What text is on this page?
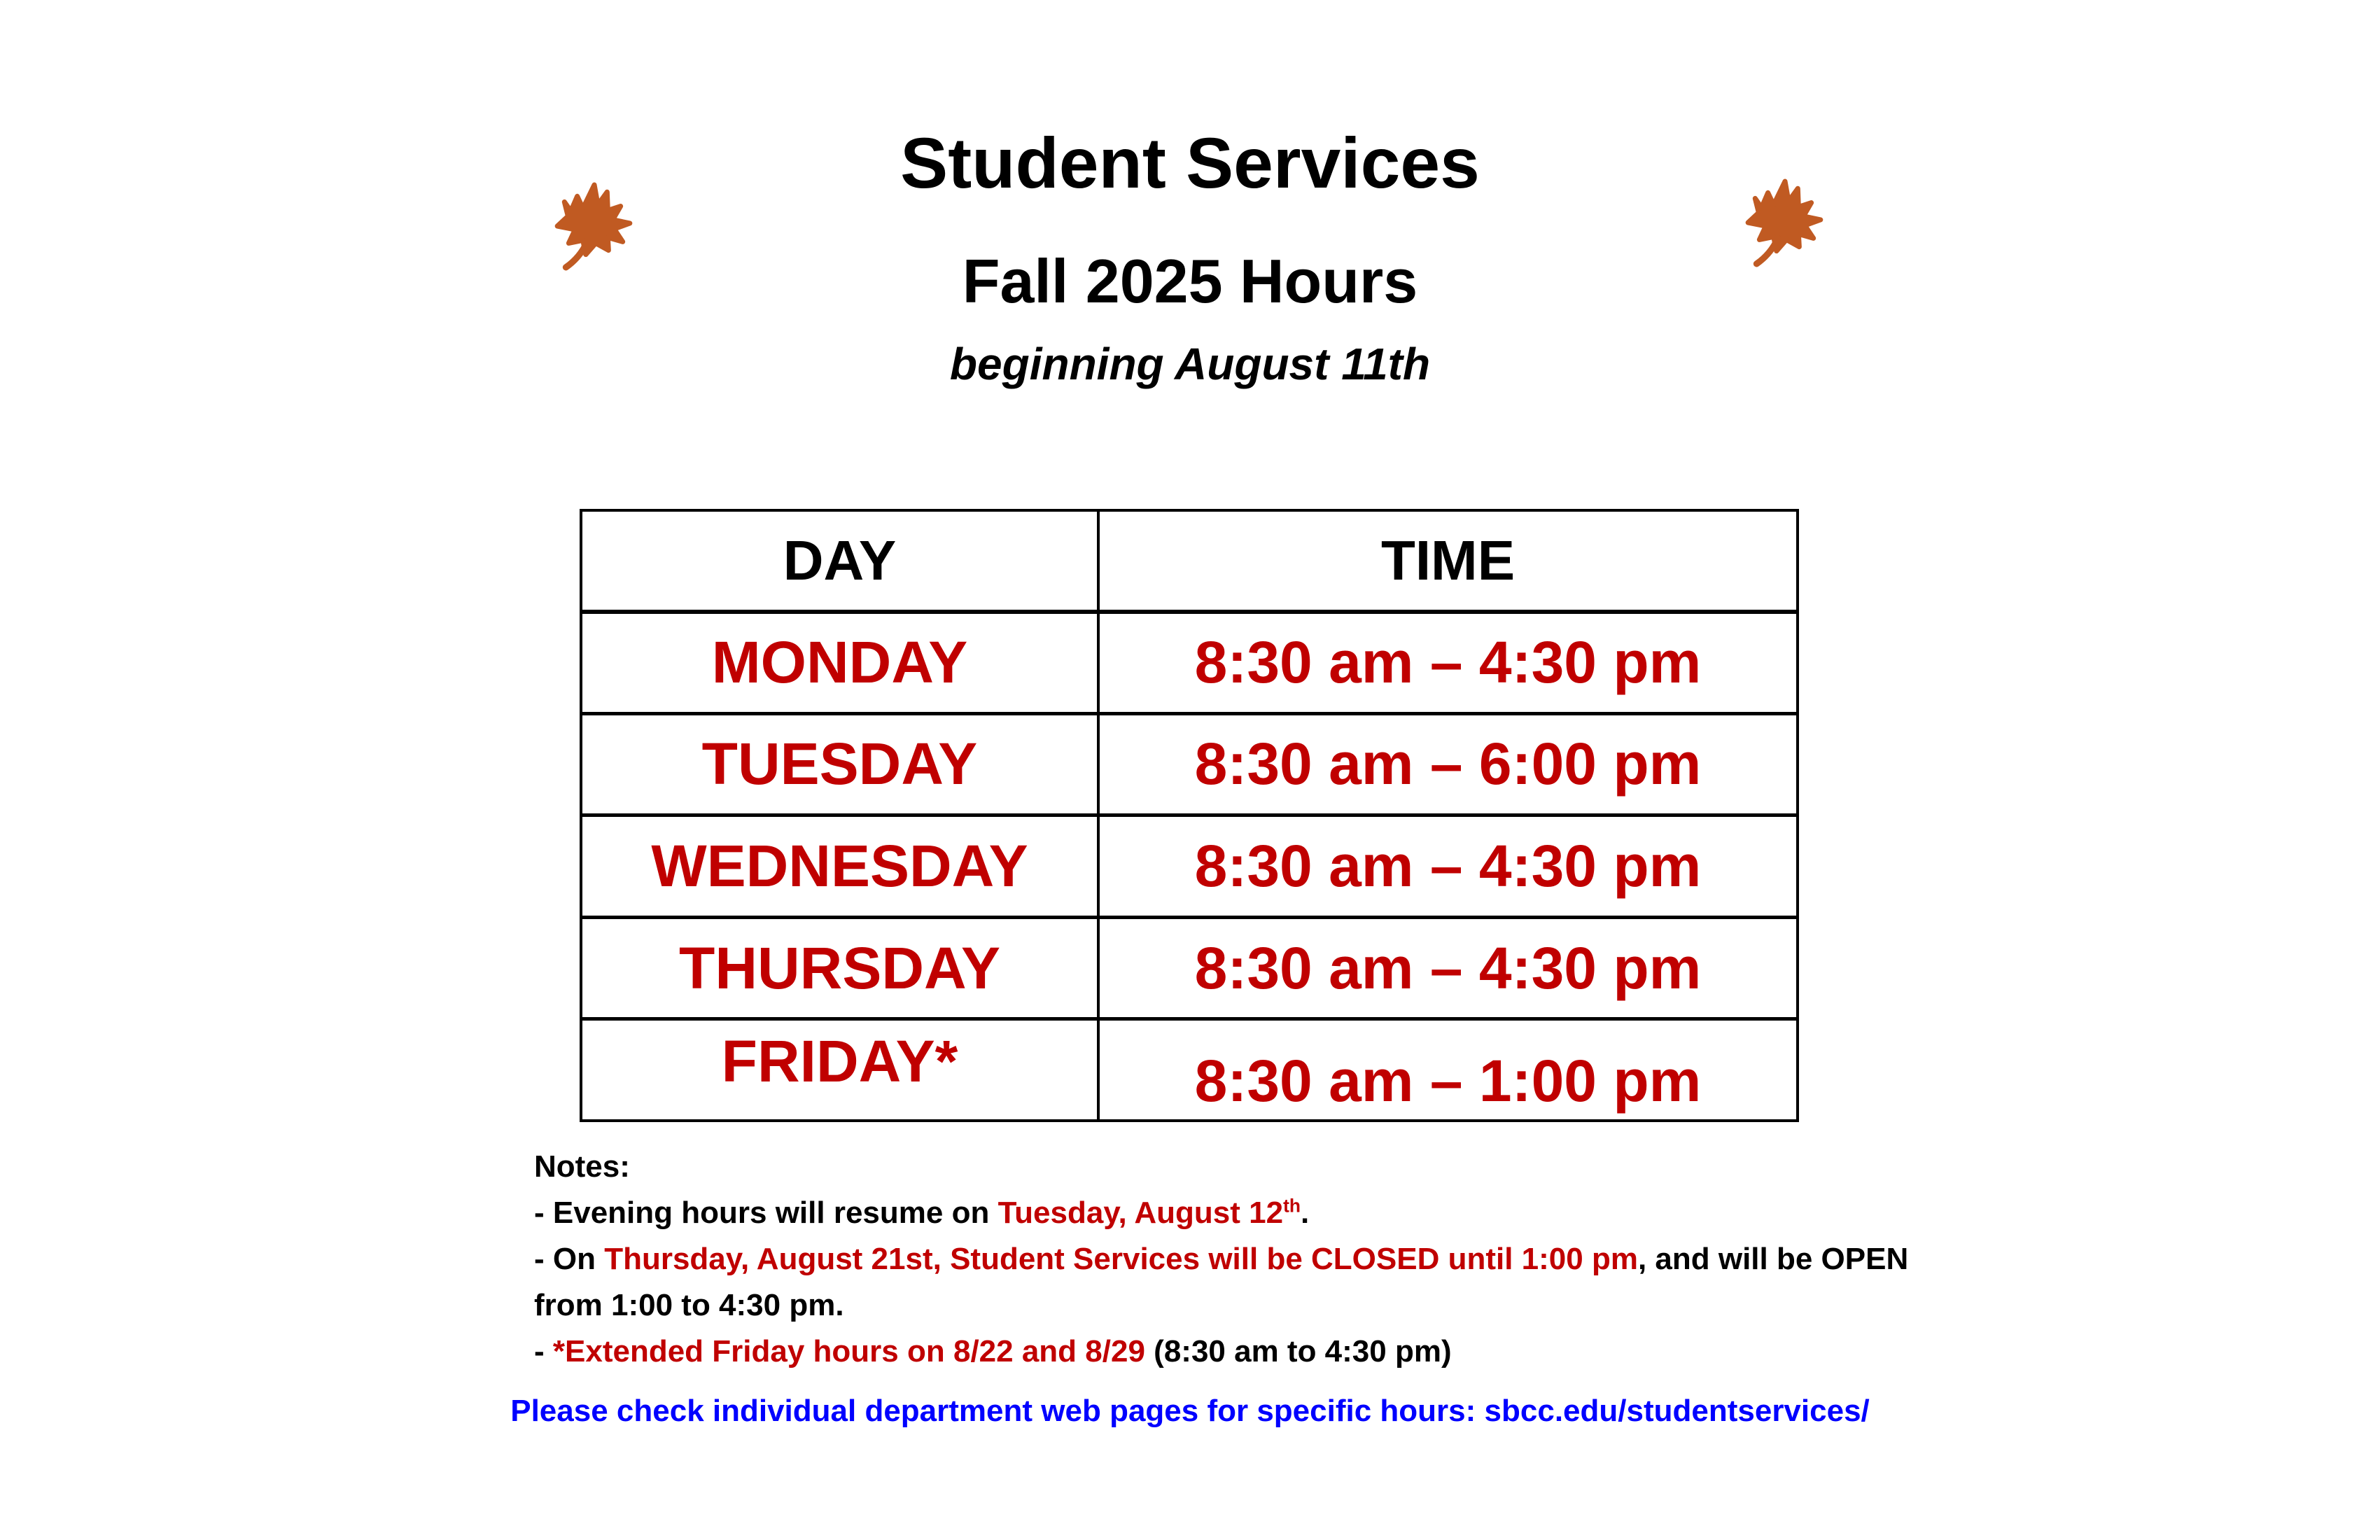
Student Services
Fall 2025 Hours
beginning August 11th
DAY	TIME
MONDAY	8:30 am – 4:30 pm
TUESDAY	8:30 am – 6:00 pm
WEDNESDAY	8:30 am – 4:30 pm
THURSDAY	8:30 am – 4:30 pm
FRIDAY*	8:30 am – 1:00 pm
Notes:
- Evening hours will resume on Tuesday, August 12th.
- On Thursday, August 21st, Student Services will be CLOSED until 1:00 pm, and will be OPEN
from 1:00 to 4:30 pm.
- *Extended Friday hours on 8/22 and 8/29 (8:30 am to 4:30 pm)
Please check individual department web pages for specific hours: sbcc.edu/studentservices/
